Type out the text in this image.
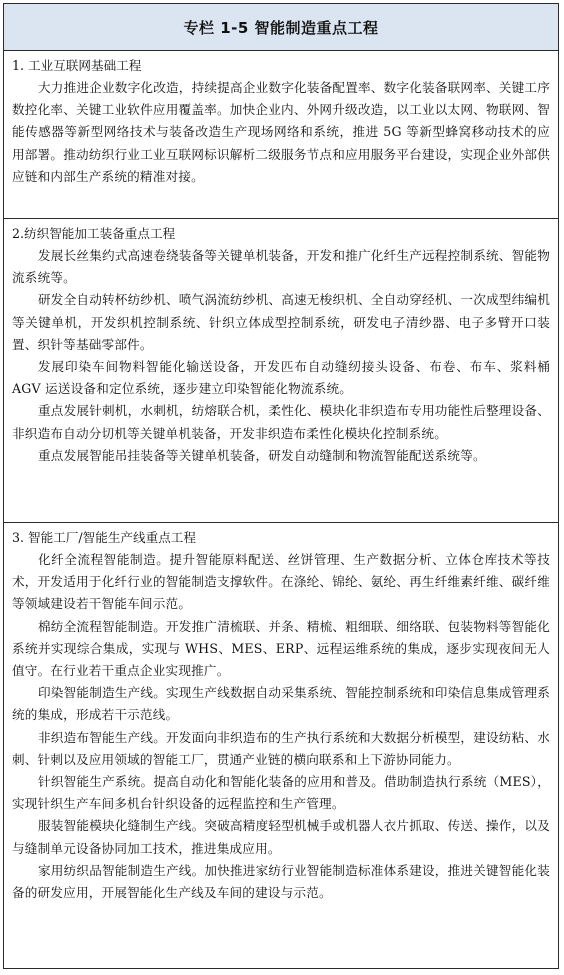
专栏 1-5 智能制造重点工程
1. 工业互联网基础工程

大力推进企业数字化改造，持续提高企业数字化装备配置率、数字化装备联网率、关键工序数控化率、关键工业软件应用覆盖率。加快企业内、外网升级改造，以工业以太网、物联网、智能传感器等新型网络技术与装备改造生产现场网络和系统，推进 5G 等新型蜂窝移动技术的应用部署。推动纺织行业工业互联网标识解析二级服务节点和应用服务平台建设，实现企业外部供应链和内部生产系统的精准对接。

2.纺织智能加工装备重点工程

发展长丝集约式高速卷绕装备等关键单机装备，开发和推广化纤生产远程控制系统、智能物流系统等。

研发全自动转杯纺纱机、喷气涡流纺纱机、高速无梭织机、全自动穿经机、一次成型纬编机等关键单机，开发织机控制系统、针织立体成型控制系统，研发电子清纱器、电子多臂开口装置、织针等基础零部件。

发展印染车间物料智能化输送设备，开发匹布自动缝纫接头设备、布卷、布车、浆料桶 AGV 运送设备和定位系统，逐步建立印染智能化物流系统。

重点发展针刺机，水刺机，纺熔联合机，柔性化、模块化非织造布专用功能性后整理设备、非织造布自动分切机等关键单机装备，开发非织造布柔性化模块化控制系统。

重点发展智能吊挂装备等关键单机装备，研发自动缝制和物流智能配送系统等。

3. 智能工厂/智能生产线重点工程

化纤全流程智能制造。提升智能原料配送、丝饼管理、生产数据分析、立体仓库技术等技术，开发适用于化纤行业的智能制造支撑软件。在涤纶、锦纶、氨纶、再生纤维素纤维、碳纤维等领域建设若干智能车间示范。

棉纺全流程智能制造。开发推广清梳联、并条、精梳、粗细联、细络联、包装物料等智能化系统并实现综合集成，实现与 WHS、MES、ERP、远程运维系统的集成，逐步实现夜间无人值守。在行业若干重点企业实现推广。

印染智能制造生产线。实现生产线数据自动采集系统、智能控制系统和印染信息集成管理系统的集成，形成若干示范线。

非织造布智能生产线。开发面向非织造布的生产执行系统和大数据分析模型，建设纺粘、水刺、针刺以及应用领域的智能工厂，贯通产业链的横向联系和上下游协同能力。

针织智能生产系统。提高自动化和智能化装备的应用和普及。借助制造执行系统（MES），实现针织生产车间多机台针织设备的远程监控和生产管理。

服装智能模块化缝制生产线。突破高精度轻型机械手或机器人衣片抓取、传送、操作，以及与缝制单元设备协同加工技术，推进集成应用。

家用纺织品智能制造生产线。加快推进家纺行业智能制造标准体系建设，推进关键智能化装备的研发应用，开展智能化生产线及车间的建设与示范。
